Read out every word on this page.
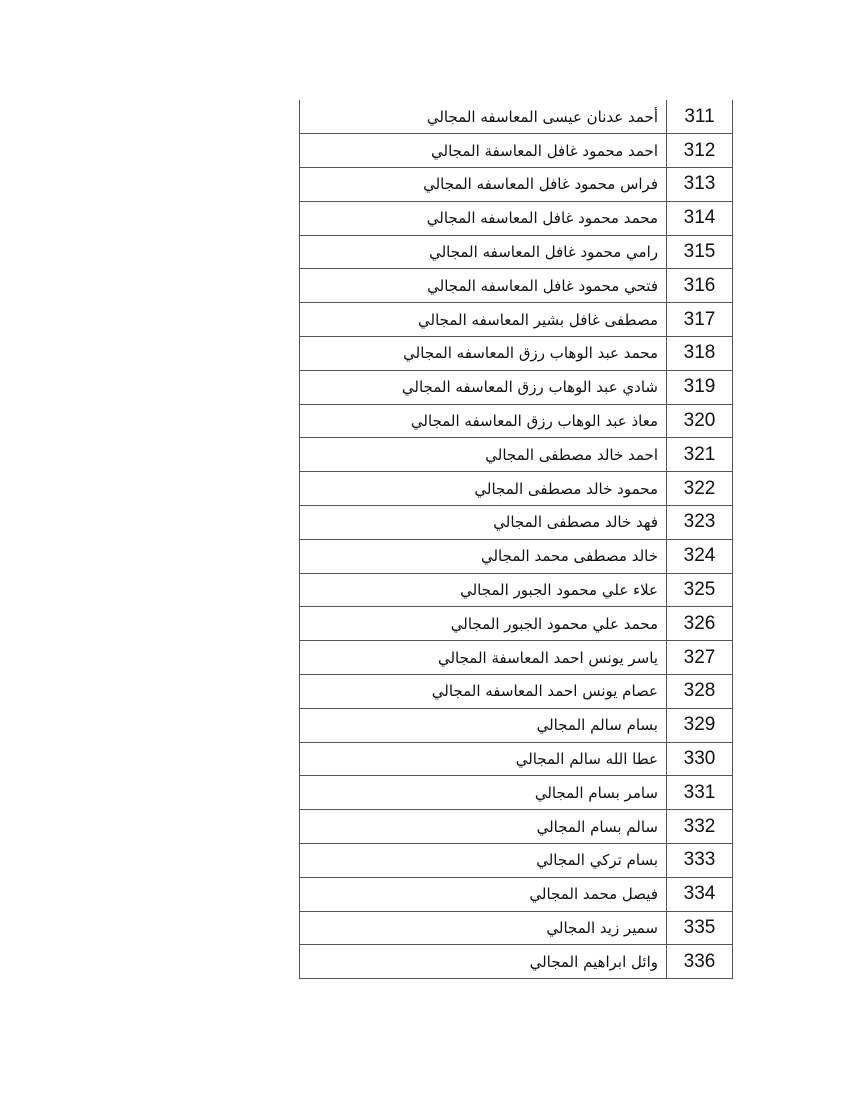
311	أحمد عدنان عيسى المعاسفه المجالي
312	احمد محمود غافل المعاسفة المجالي
313	فراس محمود غافل المعاسفه المجالي
314	محمد محمود غافل المعاسفه المجالي
315	رامي محمود غافل المعاسفه المجالي
316	فتحي محمود غافل المعاسفه المجالي
317	مصطفى غافل بشير المعاسفه المجالي
318	محمد عبد الوهاب رزق المعاسفه المجالي
319	شادي عبد الوهاب رزق المعاسفه المجالي
320	معاذ عبد الوهاب رزق المعاسفه المجالي
321	احمد خالد مصطفى المجالي
322	محمود خالد مصطفى المجالي
323	فهد خالد مصطفى المجالي
324	خالد مصطفى محمد المجالي
325	علاء علي محمود الجبور المجالي
326	محمد علي محمود الجبور المجالي
327	ياسر يونس احمد المعاسفة المجالي
328	عصام يونس احمد المعاسفه المجالي
329	بسام سالم المجالي
330	عطا الله سالم المجالي
331	سامر بسام المجالي
332	سالم بسام المجالي
333	بسام تركي المجالي
334	فيصل محمد المجالي
335	سمير زيد المجالي
336	وائل ابراهيم المجالي
